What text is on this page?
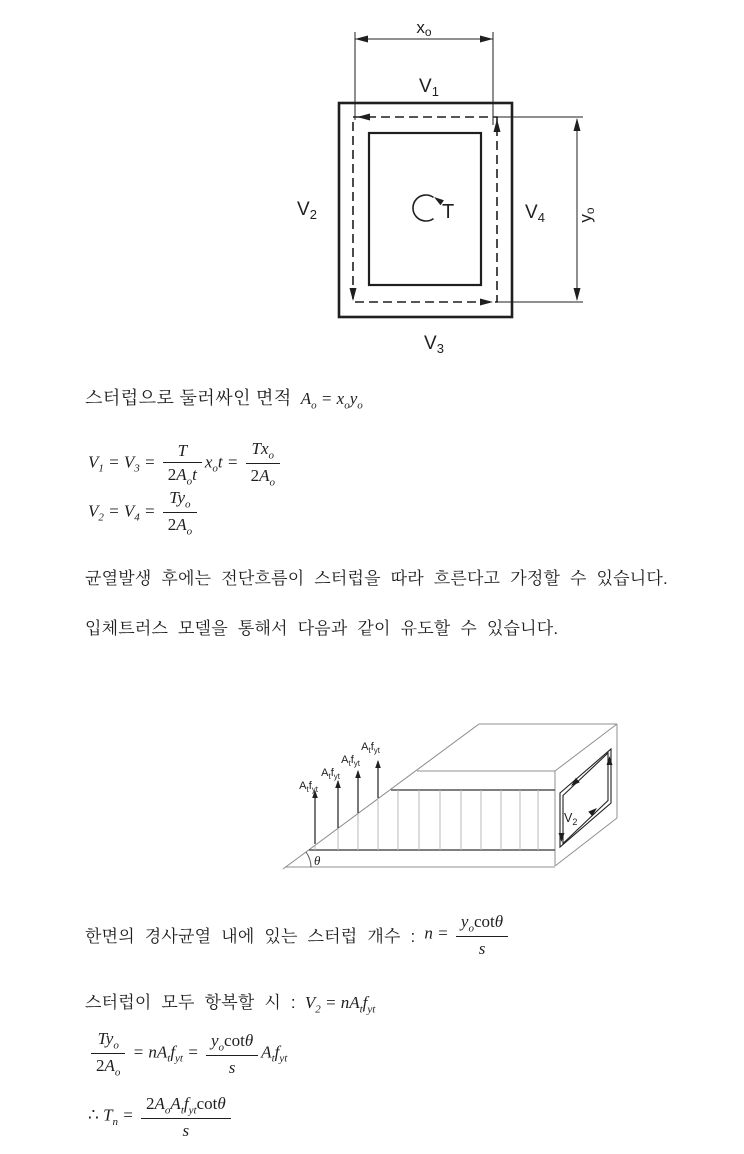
xo
yo
T
$V_1$
$V_2$
$V_3$
$V_4$
스터럽으로 둘러싸인 면적 $A_o = x_oy_o$
$V_1 = V_3 = \frac{T}{2A_ot} x_ot = \frac{Tx_o}{2A_o}$
$V_2 = V_4 = \frac{Ty_o}{2A_o}$
균열발생 후에는 전단흐름이 스터럽을 따라 흐른다고 가정할 수 있습니다.
입체트러스 모델을 통해서 다음과 같이 유도할 수 있습니다.
$A_tf_{yt}$
$A_tf_{yt}$
$A_tf_{yt}$
$A_tf_{yt}$
θ
$V_2$
한면의 경사균열 내에 있는 스터럽 개수 : $n = \frac{y_o\cot\theta}{s}$
스터럽이 모두 항복할 시 : $V_2 = nA_tf_{yt}$
$\frac{Ty_o}{2A_o} = nA_tf_{yt} = \frac{y_o\cot\theta}{s} A_tf_{yt}$
∴ $T_n = \frac{2A_oA_tf_{yt}\cot\theta}{s}$
